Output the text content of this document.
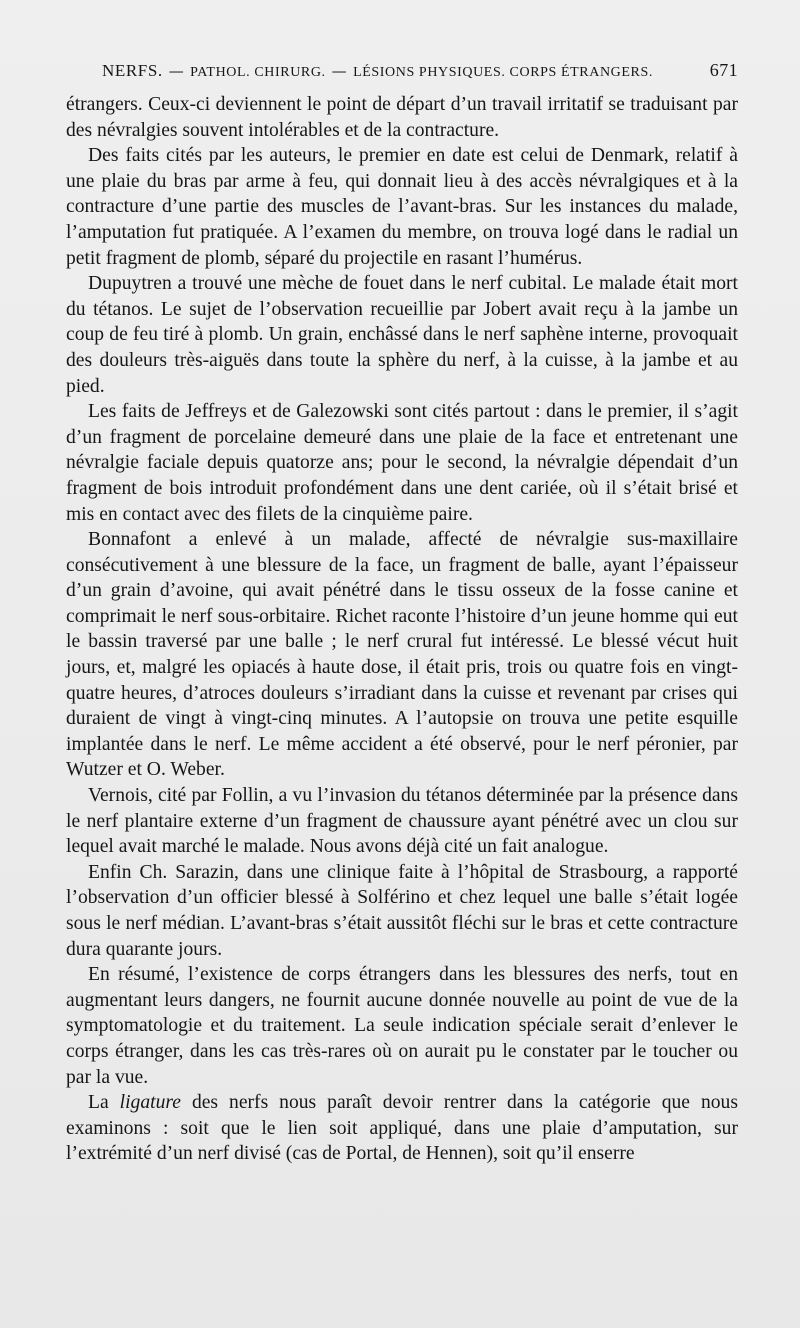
NERFS. — PATHOL. CHIRURG. — LÉSIONS PHYSIQUES. CORPS ÉTRANGERS.	671

étrangers. Ceux-ci deviennent le point de départ d’un travail irritatif se traduisant par des névralgies souvent intolérables et de la contracture.

Des faits cités par les auteurs, le premier en date est celui de Denmark, relatif à une plaie du bras par arme à feu, qui donnait lieu à des accès névralgiques et à la contracture d’une partie des muscles de l’avant-bras. Sur les instances du malade, l’amputation fut pratiquée. A l’examen du membre, on trouva logé dans le radial un petit fragment de plomb, séparé du projectile en rasant l’humérus.

Dupuytren a trouvé une mèche de fouet dans le nerf cubital. Le malade était mort du tétanos. Le sujet de l’observation recueillie par Jobert avait reçu à la jambe un coup de feu tiré à plomb. Un grain, enchâssé dans le nerf saphène interne, provoquait des douleurs très-aiguës dans toute la sphère du nerf, à la cuisse, à la jambe et au pied.

Les faits de Jeffreys et de Galezowski sont cités partout : dans le premier, il s’agit d’un fragment de porcelaine demeuré dans une plaie de la face et entretenant une névralgie faciale depuis quatorze ans; pour le second, la névralgie dépendait d’un fragment de bois introduit profondément dans une dent cariée, où il s’était brisé et mis en contact avec des filets de la cinquième paire.

Bonnafont a enlevé à un malade, affecté de névralgie sus-maxillaire consécutivement à une blessure de la face, un fragment de balle, ayant l’épaisseur d’un grain d’avoine, qui avait pénétré dans le tissu osseux de la fosse canine et comprimait le nerf sous-orbitaire. Richet raconte l’histoire d’un jeune homme qui eut le bassin traversé par une balle ; le nerf crural fut intéressé. Le blessé vécut huit jours, et, malgré les opiacés à haute dose, il était pris, trois ou quatre fois en vingt-quatre heures, d’atroces douleurs s’irradiant dans la cuisse et revenant par crises qui duraient de vingt à vingt-cinq minutes. A l’autopsie on trouva une petite esquille implantée dans le nerf. Le même accident a été observé, pour le nerf péronier, par Wutzer et O. Weber.

Vernois, cité par Follin, a vu l’invasion du tétanos déterminée par la présence dans le nerf plantaire externe d’un fragment de chaussure ayant pénétré avec un clou sur lequel avait marché le malade. Nous avons déjà cité un fait analogue.

Enfin Ch. Sarazin, dans une clinique faite à l’hôpital de Strasbourg, a rapporté l’observation d’un officier blessé à Solférino et chez lequel une balle s’était logée sous le nerf médian. L’avant-bras s’était aussitôt fléchi sur le bras et cette contracture dura quarante jours.

En résumé, l’existence de corps étrangers dans les blessures des nerfs, tout en augmentant leurs dangers, ne fournit aucune donnée nouvelle au point de vue de la symptomatologie et du traitement. La seule indication spéciale serait d’enlever le corps étranger, dans les cas très-rares où on aurait pu le constater par le toucher ou par la vue.

La ligature des nerfs nous paraît devoir rentrer dans la catégorie que nous examinons : soit que le lien soit appliqué, dans une plaie d’amputation, sur l’extrémité d’un nerf divisé (cas de Portal, de Hennen), soit qu’il enserre
